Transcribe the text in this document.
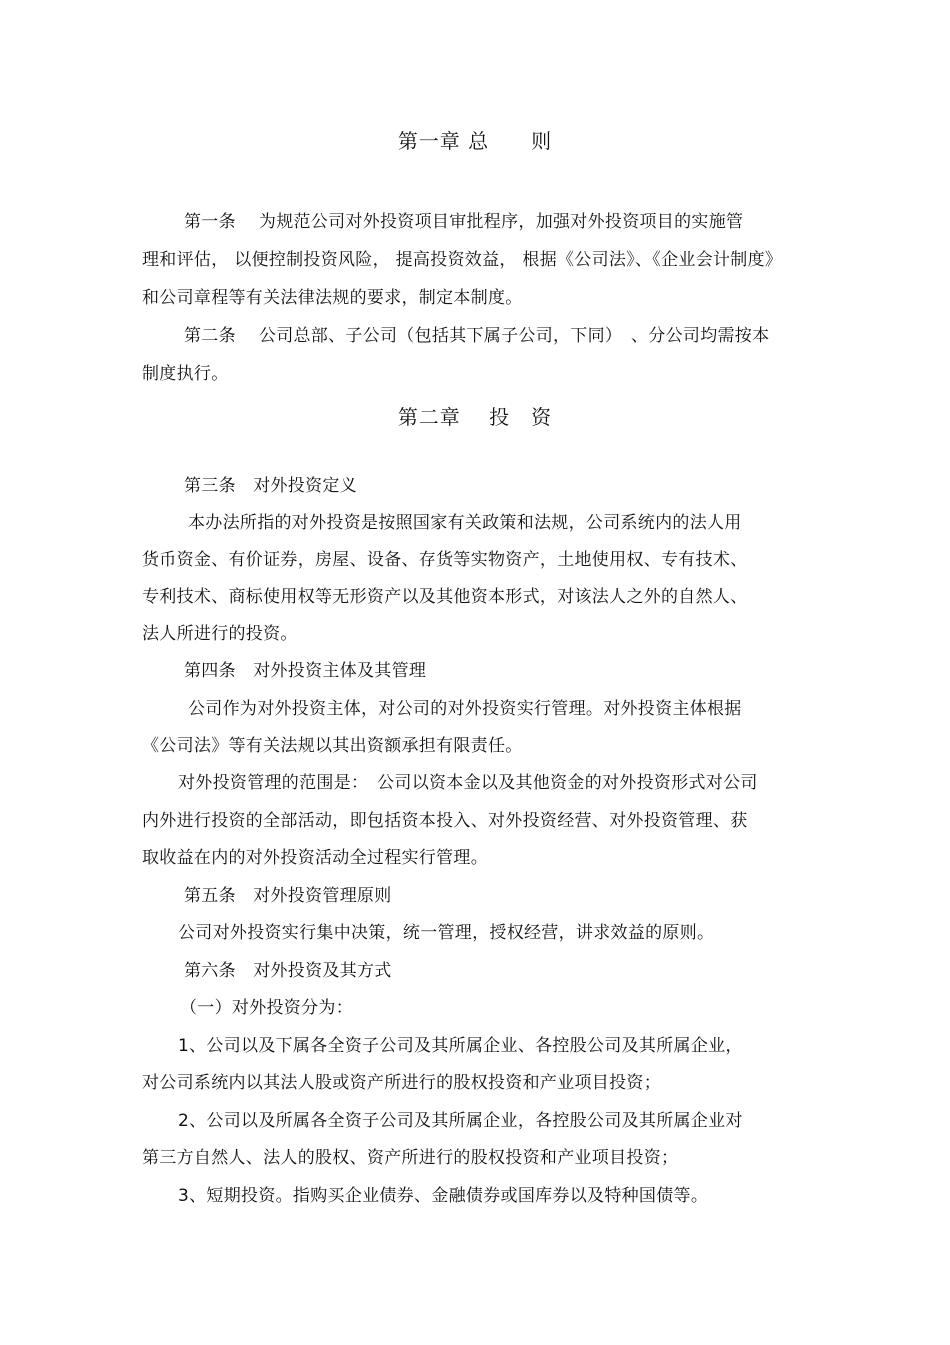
第一章 总　　则
第一条　 为规范公司对外投资项目审批程序，加强对外投资项目的实施管
理和评估， 以便控制投资风险， 提高投资效益， 根据《公司法》、《企业会计制度》
和公司章程等有关法律法规的要求，制定本制度。
第二条　 公司总部、子公司（包括其下属子公司，下同）　、分公司均需按本
制度执行。
第二章　 投　资
第三条　对外投资定义
本办法所指的对外投资是按照国家有关政策和法规，公司系统内的法人用
货币资金、有价证券，房屋、设备、存货等实物资产，土地使用权、专有技术、
专利技术、商标使用权等无形资产以及其他资本形式，对该法人之外的自然人、
法人所进行的投资。
第四条　对外投资主体及其管理
公司作为对外投资主体，对公司的对外投资实行管理。对外投资主体根据
《公司法》等有关法规以其出资额承担有限责任。
对外投资管理的范围是：　公司以资本金以及其他资金的对外投资形式对公司
内外进行投资的全部活动，即包括资本投入、对外投资经营、对外投资管理、获
取收益在内的对外投资活动全过程实行管理。
第五条　对外投资管理原则
公司对外投资实行集中决策，统一管理，授权经营，讲求效益的原则。
第六条　对外投资及其方式
（一）对外投资分为：
1、公司以及下属各全资子公司及其所属企业、各控股公司及其所属企业，
对公司系统内以其法人股或资产所进行的股权投资和产业项目投资；
2、公司以及所属各全资子公司及其所属企业，各控股公司及其所属企业对
第三方自然人、法人的股权、资产所进行的股权投资和产业项目投资；
3、短期投资。指购买企业债券、金融债券或国库券以及特种国债等。
